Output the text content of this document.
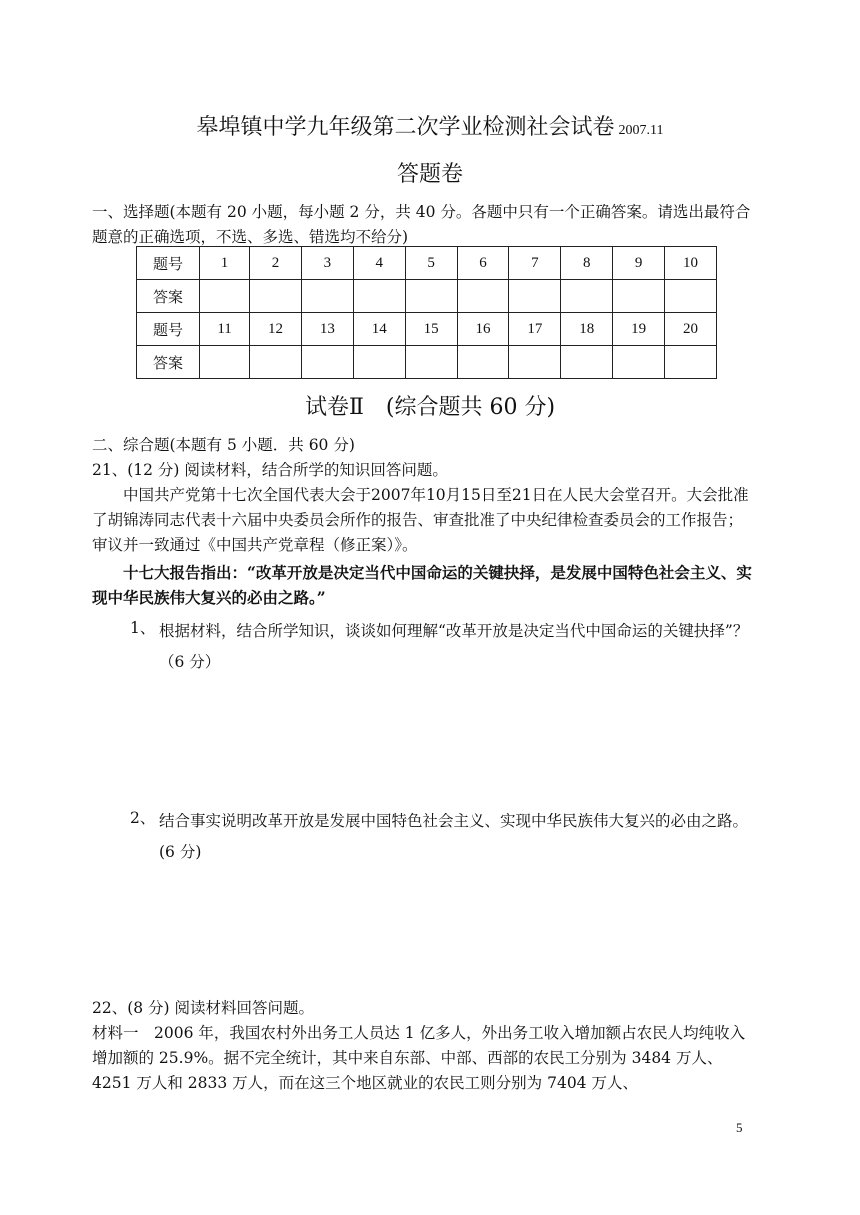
皋埠镇中学九年级第二次学业检测社会试卷 2007.11
答题卷
一、选择题(本题有 20 小题，每小题 2 分，共 40 分。各题中只有一个正确答案。请选出最符合题意的正确选项，不选、多选、错选均不给分)
题号	1	2	3	4	5	6	7	8	9	10
答案										
题号	11	12	13	14	15	16	17	18	19	20
答案										
试卷Ⅱ　(综合题共 60 分)
二、综合题(本题有 5 小题．共 60 分)
21、(12 分) 阅读材料，结合所学的知识回答问题。
中国共产党第十七次全国代表大会于2007年10月15日至21日在人民大会堂召开。大会批准了胡锦涛同志代表十六届中央委员会所作的报告、审查批准了中央纪律检查委员会的工作报告；审议并一致通过《中国共产党章程（修正案）》。
十七大报告指出：“改革开放是决定当代中国命运的关键抉择，是发展中国特色社会主义、实现中华民族伟大复兴的必由之路。”
1、 根据材料，结合所学知识，谈谈如何理解“改革开放是决定当代中国命运的关键抉择”？（6 分）
2、 结合事实说明改革开放是发展中国特色社会主义、实现中华民族伟大复兴的必由之路。(6 分)
22、(8 分) 阅读材料回答问题。
材料一　2006 年，我国农村外出务工人员达 1 亿多人，外出务工收入增加额占农民人均纯收入增加额的 25.9%。据不完全统计，其中来自东部、中部、西部的农民工分别为 3484 万人、4251 万人和 2833 万人，而在这三个地区就业的农民工则分别为 7404 万人、
5
